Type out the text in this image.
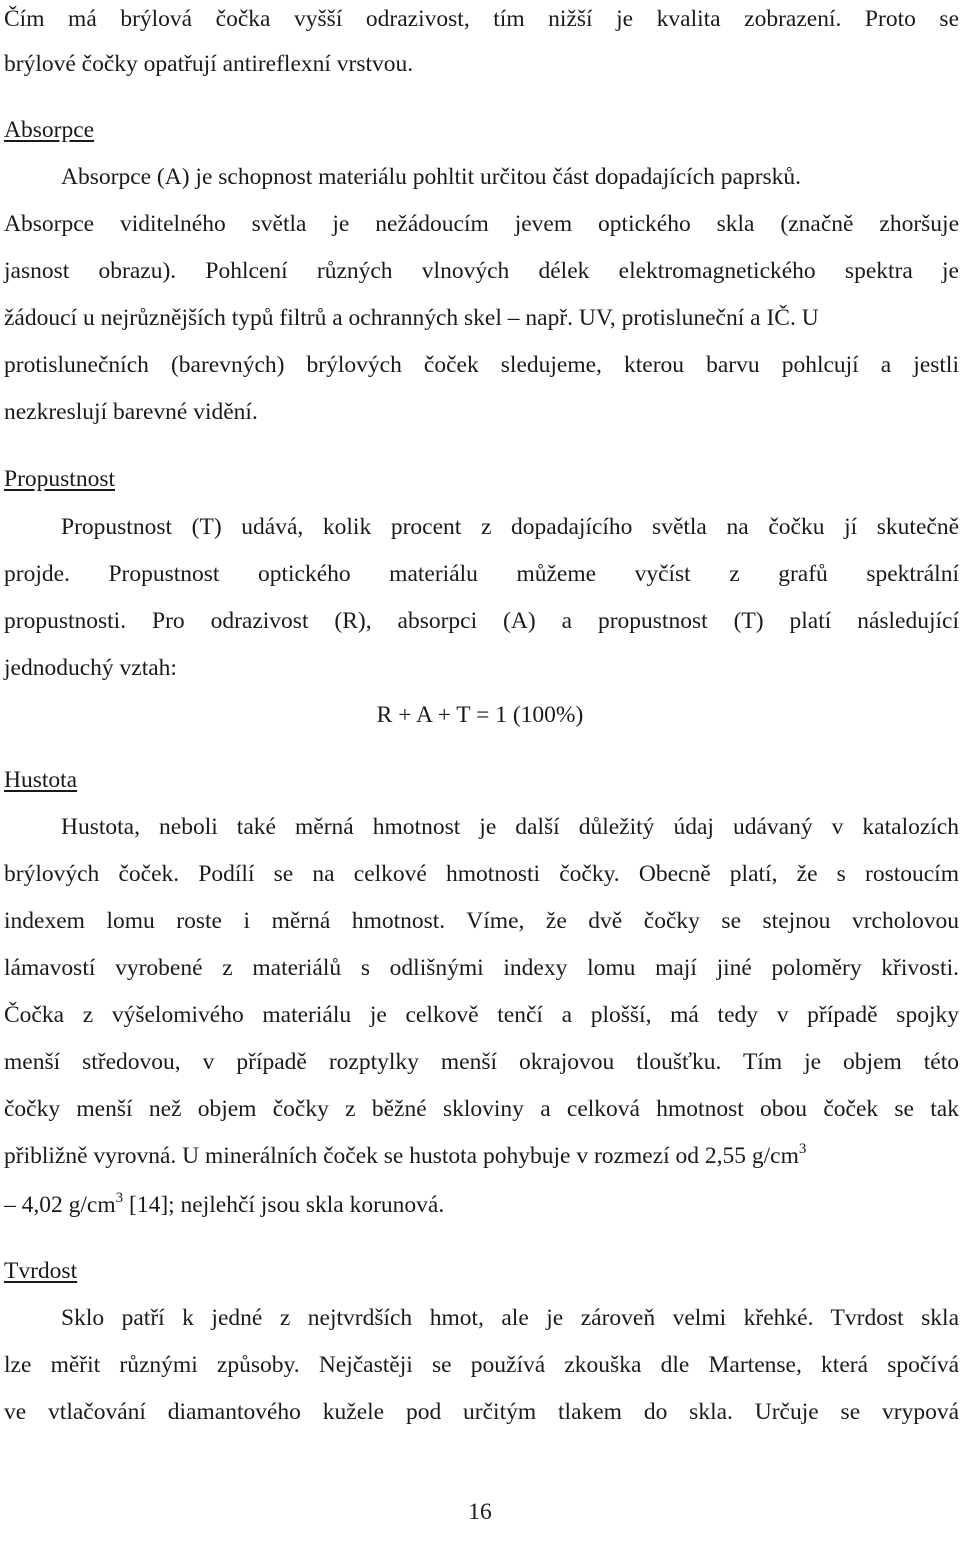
Čím má brýlová čočka vyšší odrazivost, tím nižší je kvalita zobrazení. Proto se
brýlové čočky opatřují antireflexní vrstvou.
Absorpce
Absorpce (A) je schopnost materiálu pohltit určitou část dopadajících paprsků.
Absorpce viditelného světla je nežádoucím jevem optického skla (značně zhoršuje
jasnost obrazu). Pohlcení různých vlnových délek elektromagnetického spektra je
žádoucí u nejrůznějších typů filtrů a ochranných skel – např. UV, protisluneční a IČ. U
protislunečních (barevných) brýlových čoček sledujeme, kterou barvu pohlcují a jestli
nezkreslují barevné vidění.
Propustnost
Propustnost (T) udává, kolik procent z dopadajícího světla na čočku jí skutečně
projde. Propustnost optického materiálu můžeme vyčíst z grafů spektrální
propustnosti. Pro odrazivost (R), absorpci (A) a propustnost (T) platí následující
jednoduchý vztah:
R + A + T = 1 (100%)
Hustota
Hustota, neboli také měrná hmotnost je další důležitý údaj udávaný v katalozích
brýlových čoček. Podílí se na celkové hmotnosti čočky. Obecně platí, že s rostoucím
indexem lomu roste i měrná hmotnost. Víme, že dvě čočky se stejnou vrcholovou
lámavostí vyrobené z materiálů s odlišnými indexy lomu mají jiné poloměry křivosti.
Čočka z výšelomivého materiálu je celkově tenčí a plošší, má tedy v případě spojky
menší středovou, v případě rozptylky menší okrajovou tloušťku. Tím je objem této
čočky menší než objem čočky z běžné skloviny a celková hmotnost obou čoček se tak
přibližně vyrovná. U minerálních čoček se hustota pohybuje v rozmezí od 2,55 $g/cm^3$
– 4,02 $g/cm^3$ [14]; nejlehčí jsou skla korunová.
Tvrdost
Sklo patří k jedné z nejtvrdších hmot, ale je zároveň velmi křehké. Tvrdost skla
lze měřit různými způsoby. Nejčastěji se používá zkouška dle Martense, která spočívá
ve vtlačování diamantového kužele pod určitým tlakem do skla. Určuje se vrypová
16
